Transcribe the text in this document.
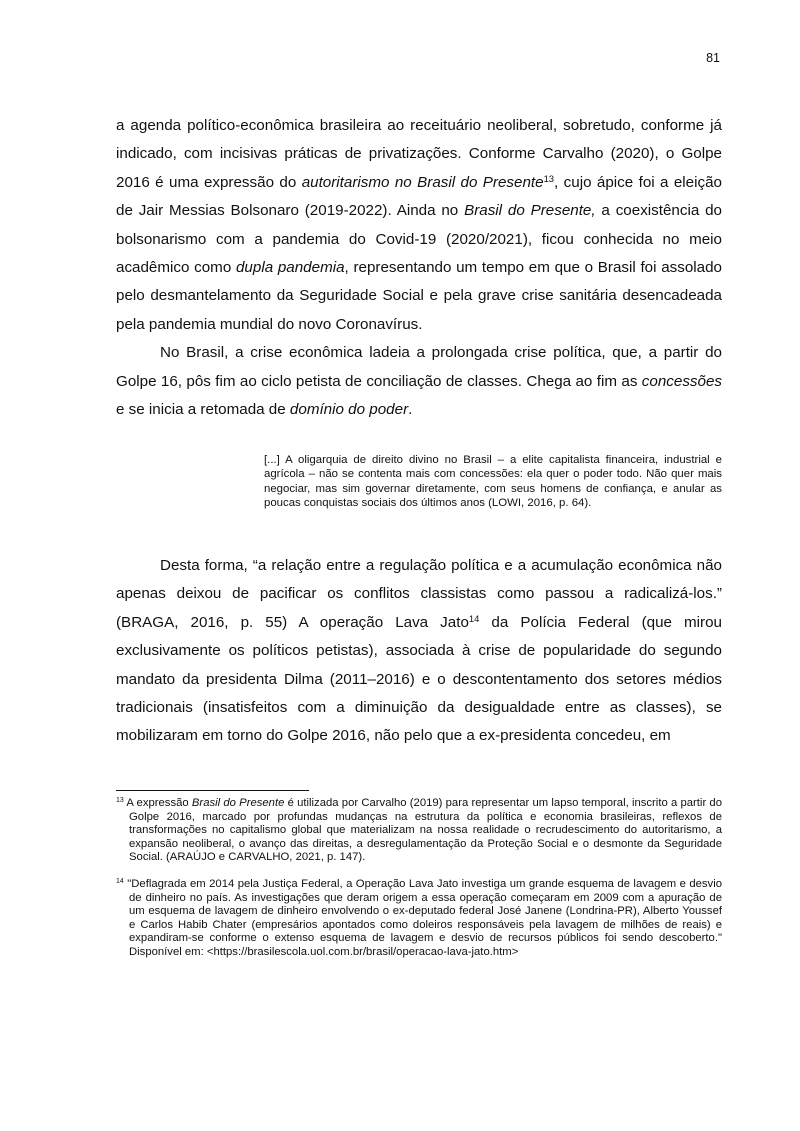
81

a agenda político-econômica brasileira ao receituário neoliberal, sobretudo, conforme já indicado, com incisivas práticas de privatizações. Conforme Carvalho (2020), o Golpe 2016 é uma expressão do autoritarismo no Brasil do Presente$^{13}$, cujo ápice foi a eleição de Jair Messias Bolsonaro (2019-2022). Ainda no Brasil do Presente, a coexistência do bolsonarismo com a pandemia do Covid-19 (2020/2021), ficou conhecida no meio acadêmico como dupla pandemia, representando um tempo em que o Brasil foi assolado pelo desmantelamento da Seguridade Social e pela grave crise sanitária desencadeada pela pandemia mundial do novo Coronavírus.

No Brasil, a crise econômica ladeia a prolongada crise política, que, a partir do Golpe 16, pôs fim ao ciclo petista de conciliação de classes. Chega ao fim as concessões e se inicia a retomada de domínio do poder.

[...] A oligarquia de direito divino no Brasil – a elite capitalista financeira, industrial e agrícola – não se contenta mais com concessões: ela quer o poder todo. Não quer mais negociar, mas sim governar diretamente, com seus homens de confiança, e anular as poucas conquistas sociais dos últimos anos (LOWI, 2016, p. 64).

Desta forma, “a relação entre a regulação política e a acumulação econômica não apenas deixou de pacificar os conflitos classistas como passou a radicalizá-los.” (BRAGA, 2016, p. 55) A operação Lava Jato$^{14}$ da Polícia Federal (que mirou exclusivamente os políticos petistas), associada à crise de popularidade do segundo mandato da presidenta Dilma (2011–2016) e o descontentamento dos setores médios tradicionais (insatisfeitos com a diminuição da desigualdade entre as classes), se mobilizaram em torno do Golpe 2016, não pelo que a ex-presidenta concedeu, em

$^{13}$ A expressão Brasil do Presente é utilizada por Carvalho (2019) para representar um lapso temporal, inscrito a partir do Golpe 2016, marcado por profundas mudanças na estrutura da política e economia brasileiras, reflexos de transformações no capitalismo global que materializam na nossa realidade o recrudescimento do autoritarismo, a expansão neoliberal, o avanço das direitas, a desregulamentação da Proteção Social e o desmonte da Seguridade Social. (ARAÚJO e CARVALHO, 2021, p. 147).
$^{14}$ "Deflagrada em 2014 pela Justiça Federal, a Operação Lava Jato investiga um grande esquema de lavagem e desvio de dinheiro no país. As investigações que deram origem a essa operação começaram em 2009 com a apuração de um esquema de lavagem de dinheiro envolvendo o ex-deputado federal José Janene (Londrina-PR), Alberto Youssef e Carlos Habib Chater (empresários apontados como doleiros responsáveis pela lavagem de milhões de reais) e expandiram-se conforme o extenso esquema de lavagem e desvio de recursos públicos foi sendo descoberto." Disponível em: <https://brasilescola.uol.com.br/brasil/operacao-lava-jato.htm>
